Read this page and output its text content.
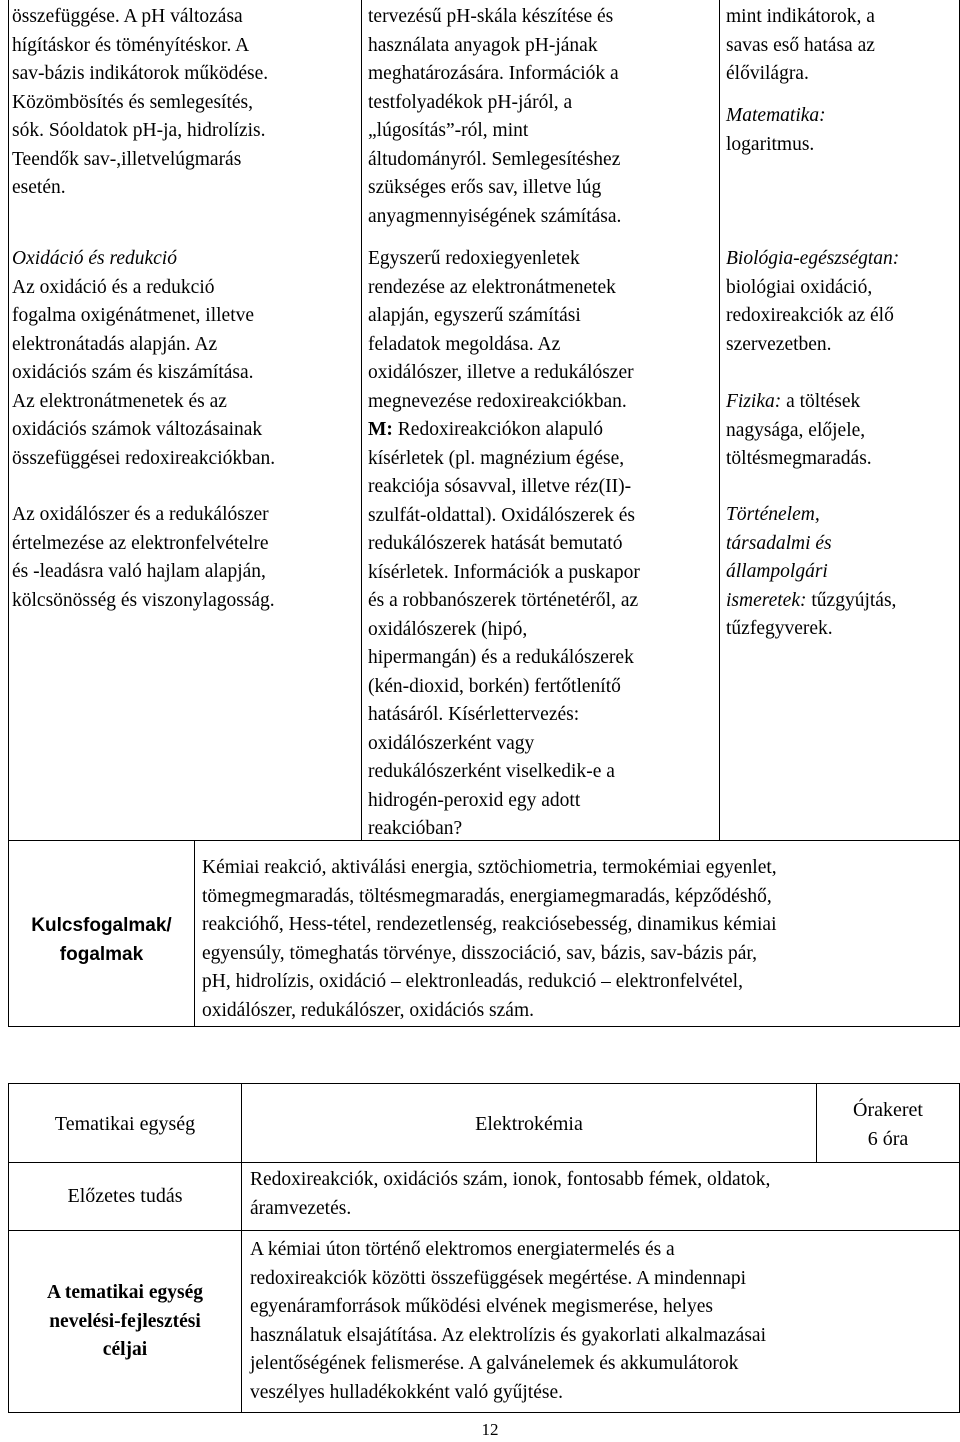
összefüggése. A pH változása
hígításkor és töményítéskor. A
sav-bázis indikátorok működése.
Közömbösítés és semlegesítés,
sók. Sóoldatok pH-ja, hidrolízis.
Teendők sav-,illetvelúgmarás
esetén.
Oxidáció és redukció
Az oxidáció és a redukció
fogalma oxigénátmenet, illetve
elektronátadás alapján. Az
oxidációs szám és kiszámítása.
Az elektronátmenetek és az
oxidációs számok változásainak
összefüggései redoxireakciókban.
Az oxidálószer és a redukálószer
értelmezése az elektronfelvételre
és -leadásra való hajlam alapján,
kölcsönösség és viszonylagosság.
tervezésű pH-skála készítése és
használata anyagok pH-jának
meghatározására. Információk a
testfolyadékok pH-járól, a
„lúgosítás”-ról, mint
áltudományról. Semlegesítéshez
szükséges erős sav, illetve lúg
anyagmennyiségének számítása.
Egyszerű redoxiegyenletek
rendezése az elektronátmenetek
alapján, egyszerű számítási
feladatok megoldása. Az
oxidálószer, illetve a redukálószer
megnevezése redoxireakciókban.
M: Redoxireakciókon alapuló
kísérletek (pl. magnézium égése,
reakciója sósavval, illetve réz(II)-
szulfát-oldattal). Oxidálószerek és
redukálószerek hatását bemutató
kísérletek. Információk a puskapor
és a robbanószerek történetéről, az
oxidálószerek (hipó,
hipermangán) és a redukálószerek
(kén-dioxid, borkén) fertőtlenítő
hatásáról. Kísérlettervezés:
oxidálószerként vagy
redukálószerként viselkedik-e a
hidrogén-peroxid egy adott
reakcióban?
mint indikátorok, a
savas eső hatása az
élővilágra.
Matematika:
logaritmus.
Biológia-egészségtan:
biológiai oxidáció,
redoxireakciók az élő
szervezetben.
Fizika: a töltések
nagysága, előjele,
töltésmegmaradás.
Történelem,
társadalmi és
állampolgári
ismeretek: tűzgyújtás,
tűzfegyverek.
Kulcsfogalmak/
fogalmak
Kémiai reakció, aktiválási energia, sztöchiometria, termokémiai egyenlet,
tömegmegmaradás, töltésmegmaradás, energiamegmaradás, képződéshő,
reakcióhő, Hess-tétel, rendezetlenség, reakciósebesség, dinamikus kémiai
egyensúly, tömeghatás törvénye, disszociáció, sav, bázis, sav-bázis pár,
pH, hidrolízis, oxidáció – elektronleadás, redukció – elektronfelvétel,
oxidálószer, redukálószer, oxidációs szám.
Tematikai egység	Elektrokémia
Órakeret
6 óra
Előzetes tudás
Redoxireakciók, oxidációs szám, ionok, fontosabb fémek, oldatok,
áramvezetés.
A tematikai egység
nevelési-fejlesztési
céljai
A kémiai úton történő elektromos energiatermelés és a
redoxireakciók közötti összefüggések megértése. A mindennapi
egyenáramforrások működési elvének megismerése, helyes
használatuk elsajátítása. Az elektrolízis és gyakorlati alkalmazásai
jelentőségének felismerése. A galvánelemek és akkumulátorok
veszélyes hulladékokként való gyűjtése.
12
